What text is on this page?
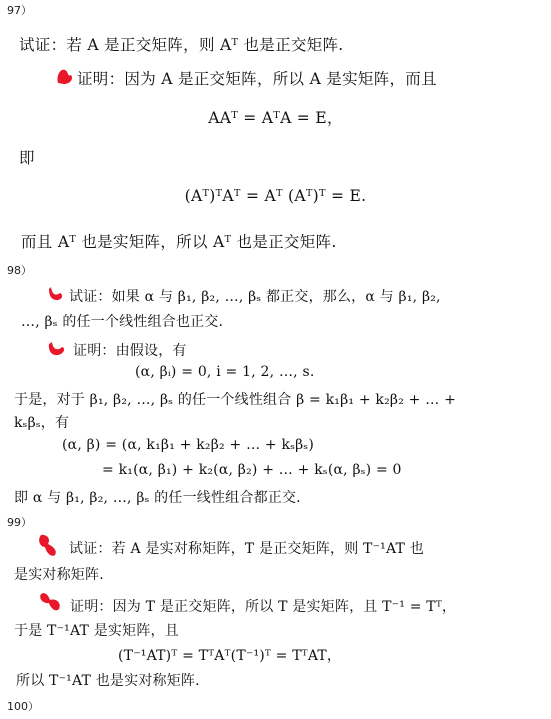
97）
试证：若 A 是正交矩阵，则 Aᵀ 也是正交矩阵.
证明：因为 A 是正交矩阵，所以 A 是实矩阵，而且
AAᵀ = AᵀA = E，
即
(Aᵀ)ᵀAᵀ = Aᵀ (Aᵀ)ᵀ = E.
而且 Aᵀ 也是实矩阵，所以 Aᵀ 也是正交矩阵.
98）
试证：如果 α 与 β₁, β₂, …, βₛ 都正交，那么，α 与 β₁, β₂,
…, βₛ 的任一个线性组合也正交.
证明：由假设，有
(α, βᵢ) = 0, i = 1, 2, …, s.
于是，对于 β₁, β₂, …, βₛ 的任一个线性组合 β = k₁β₁ + k₂β₂ + … +
kₛβₛ，有
(α, β) = (α, k₁β₁ + k₂β₂ + … + kₛβₛ)
= k₁(α, β₁) + k₂(α, β₂) + … + kₛ(α, βₛ) = 0
即 α 与 β₁, β₂, …, βₛ 的任一线性组合都正交.
99）
试证：若 A 是实对称矩阵，T 是正交矩阵，则 T⁻¹AT 也
是实对称矩阵.
证明：因为 T 是正交矩阵，所以 T 是实矩阵，且 T⁻¹ = Tᵀ，
于是 T⁻¹AT 是实矩阵，且
(T⁻¹AT)ᵀ = TᵀAᵀ(T⁻¹)ᵀ = TᵀAT，
所以 T⁻¹AT 也是实对称矩阵.
100）
